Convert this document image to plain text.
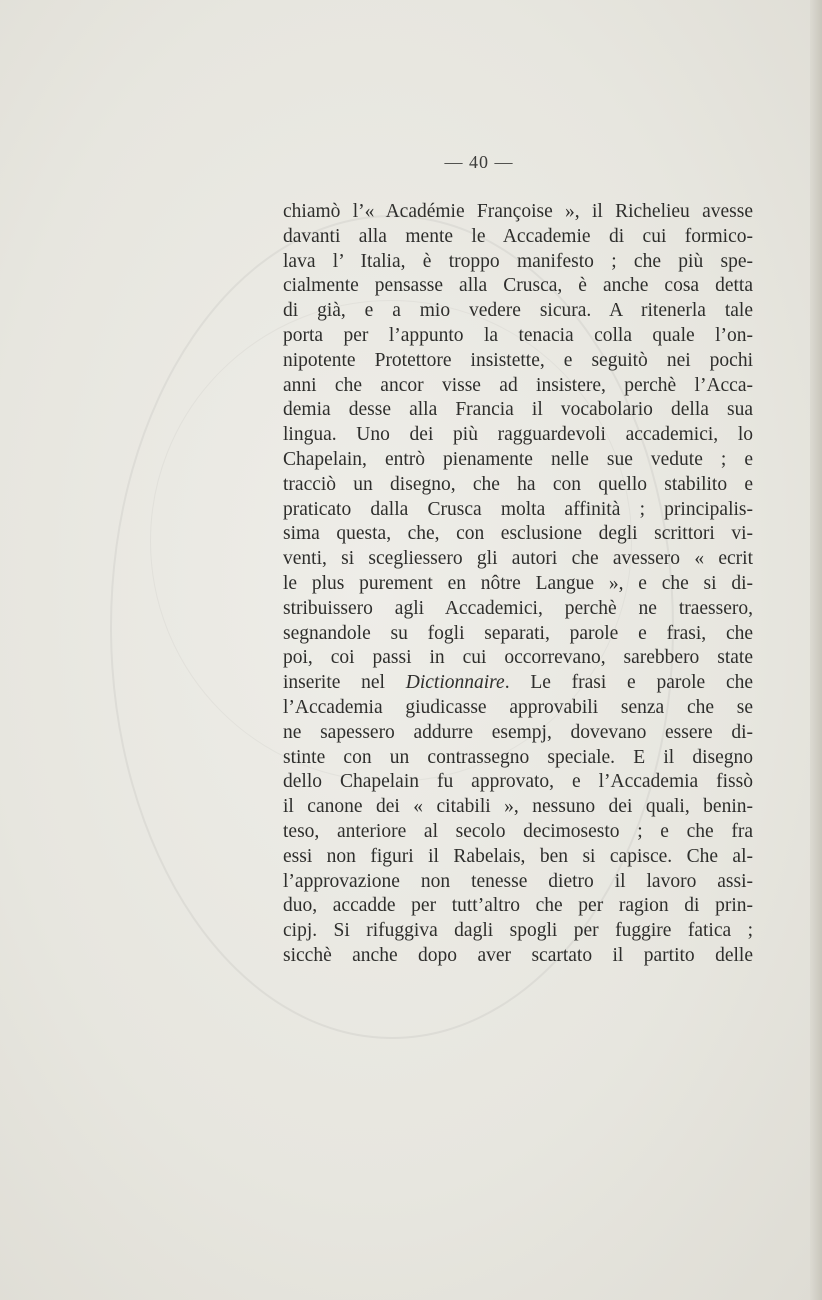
— 40 —
chiamò l’« Académie Françoise », il Richelieu avesse
davanti alla mente le Accademie di cui formico-
lava l’ Italia, è troppo manifesto ; che più spe-
cialmente pensasse alla Crusca, è anche cosa detta
di già, e a mio vedere sicura. A ritenerla tale
porta per l’appunto la tenacia colla quale l’on-
nipotente Protettore insistette, e seguitò nei pochi
anni che ancor visse ad insistere, perchè l’Acca-
demia desse alla Francia il vocabolario della sua
lingua. Uno dei più ragguardevoli accademici, lo
Chapelain, entrò pienamente nelle sue vedute ; e
tracciò un disegno, che ha con quello stabilito e
praticato dalla Crusca molta affinità ; principalis-
sima questa, che, con esclusione degli scrittori vi-
venti, si scegliessero gli autori che avessero « ecrit
le plus purement en nôtre Langue », e che si di-
stribuissero agli Accademici, perchè ne traessero,
segnandole su fogli separati, parole e frasi, che
poi, coi passi in cui occorrevano, sarebbero state
inserite nel Dictionnaire. Le frasi e parole che
l’Accademia giudicasse approvabili senza che se
ne sapessero addurre esempj, dovevano essere di-
stinte con un contrassegno speciale. E il disegno
dello Chapelain fu approvato, e l’Accademia fissò
il canone dei « citabili », nessuno dei quali, benin-
teso, anteriore al secolo decimosesto ; e che fra
essi non figuri il Rabelais, ben si capisce. Che al-
l’approvazione non tenesse dietro il lavoro assi-
duo, accadde per tutt’altro che per ragion di prin-
cipj. Si rifuggiva dagli spogli per fuggire fatica ;
sicchè anche dopo aver scartato il partito delle
